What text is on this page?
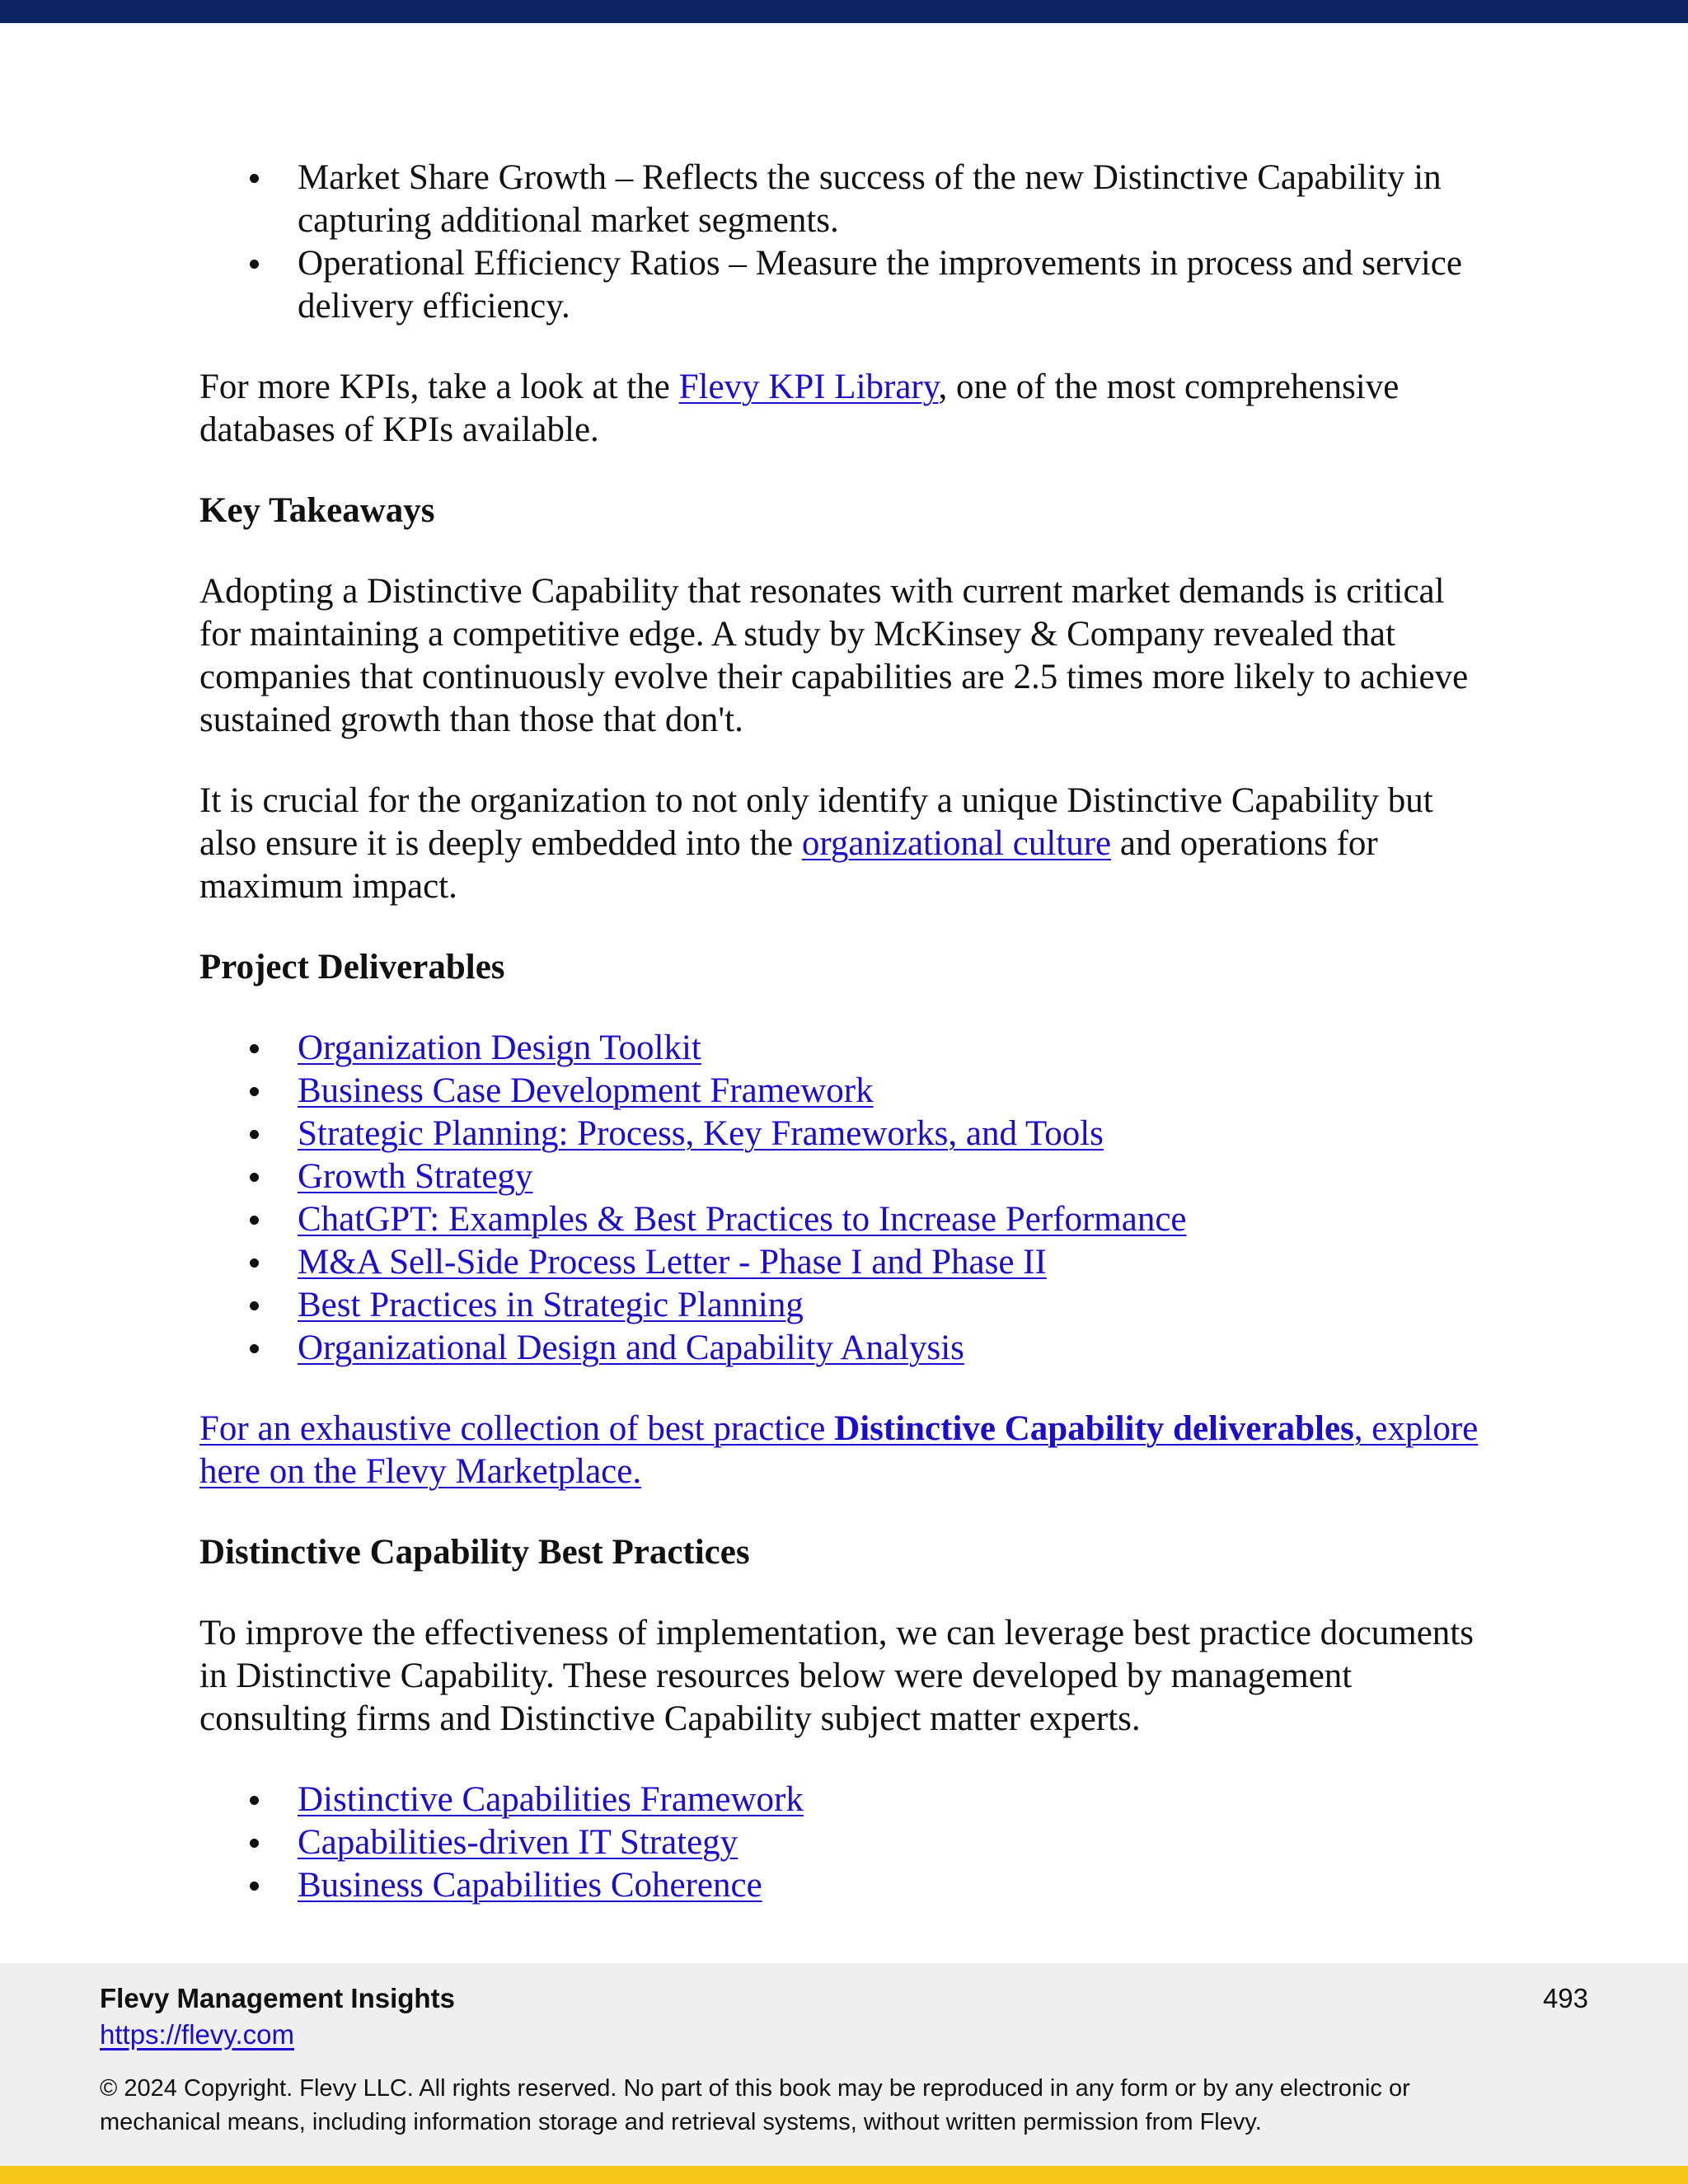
Market Share Growth – Reflects the success of the new Distinctive Capability in capturing additional market segments.
Operational Efficiency Ratios – Measure the improvements in process and service delivery efficiency.

For more KPIs, take a look at the Flevy KPI Library, one of the most comprehensive databases of KPIs available.

Key Takeaways

Adopting a Distinctive Capability that resonates with current market demands is critical for maintaining a competitive edge. A study by McKinsey & Company revealed that companies that continuously evolve their capabilities are 2.5 times more likely to achieve sustained growth than those that don't.

It is crucial for the organization to not only identify a unique Distinctive Capability but also ensure it is deeply embedded into the organizational culture and operations for maximum impact.

Project Deliverables
Organization Design Toolkit
Business Case Development Framework
Strategic Planning: Process, Key Frameworks, and Tools
Growth Strategy
ChatGPT: Examples & Best Practices to Increase Performance
M&A Sell-Side Process Letter - Phase I and Phase II
Best Practices in Strategic Planning
Organizational Design and Capability Analysis

For an exhaustive collection of best practice Distinctive Capability deliverables, explore here on the Flevy Marketplace.

Distinctive Capability Best Practices

To improve the effectiveness of implementation, we can leverage best practice documents in Distinctive Capability. These resources below were developed by management consulting firms and Distinctive Capability subject matter experts.

Distinctive Capabilities Framework
Capabilities-driven IT Strategy
Business Capabilities Coherence
Flevy Management Insights
https://flevy.com
493
© 2024 Copyright. Flevy LLC. All rights reserved. No part of this book may be reproduced in any form or by any electronic or mechanical means, including information storage and retrieval systems, without written permission from Flevy.
